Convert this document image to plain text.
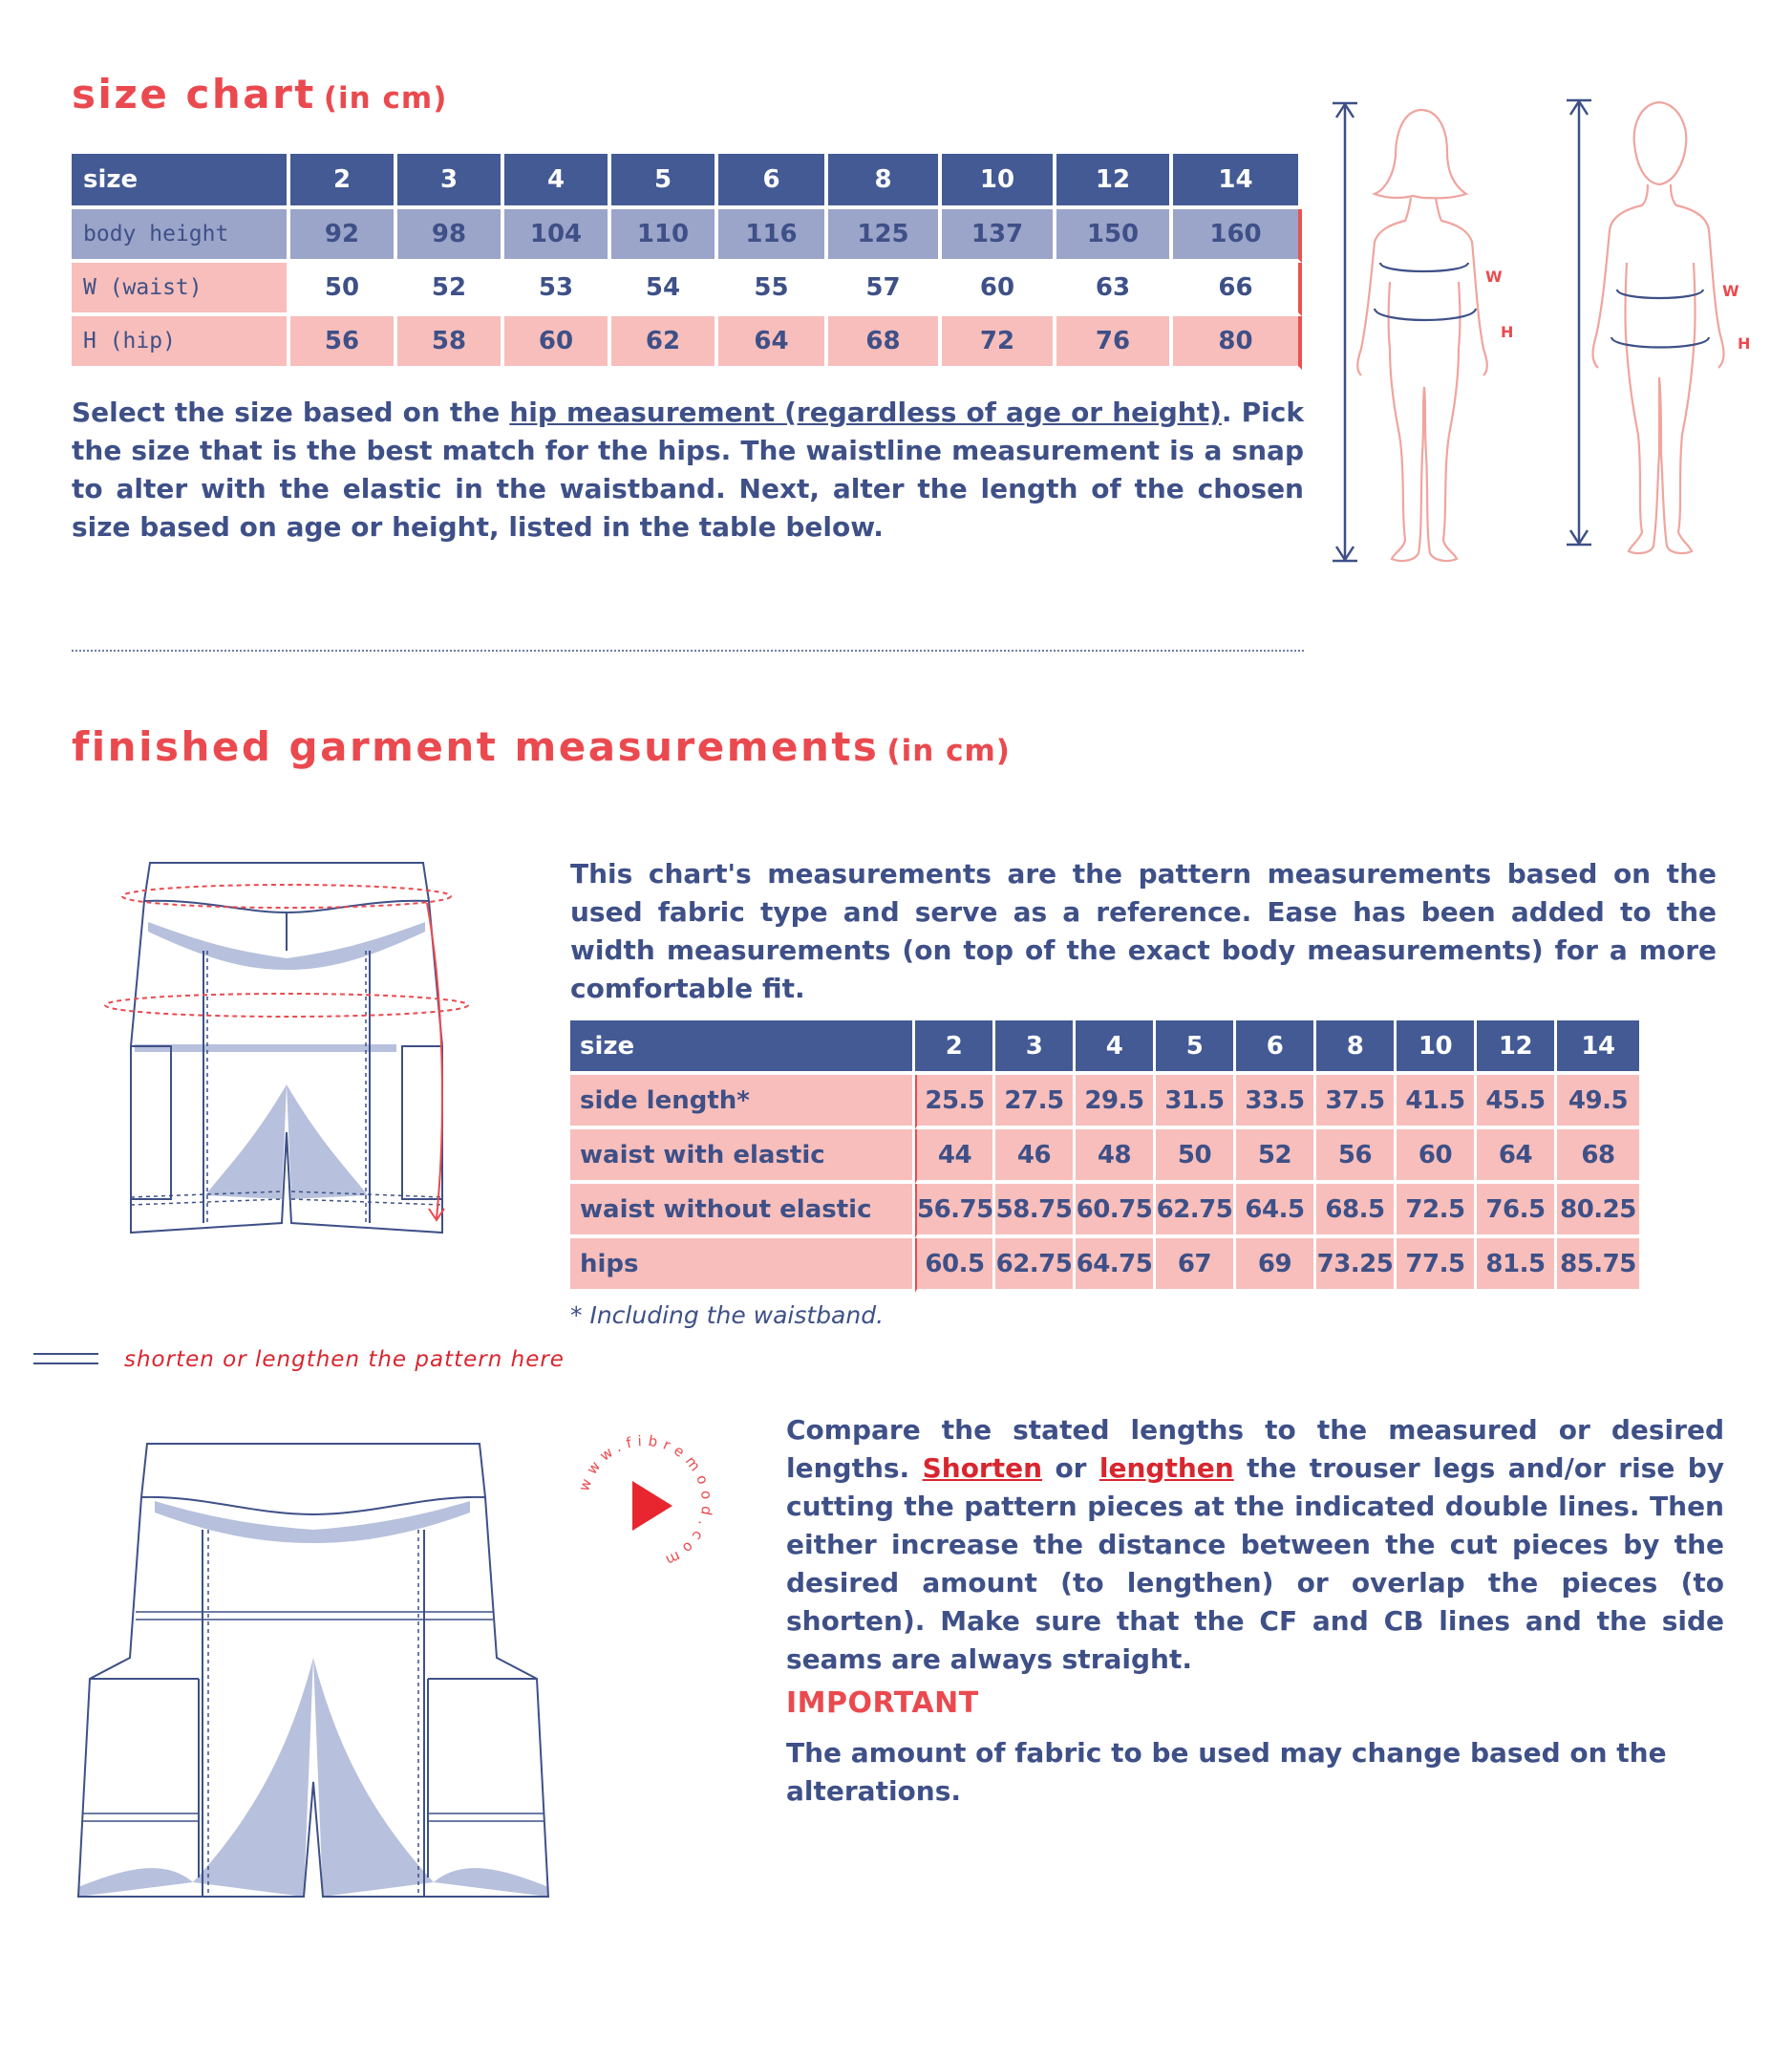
size chart (in cm)
size	2	3	4	5	6	8	10	12	14
body height	92	98	104	110	116	125	137	150	160
W (waist)	50	52	53	54	55	57	60	63	66
H (hip)	56	58	60	62	64	68	72	76	80

Select the size based on the hip measurement (regardless of age or height). Pick the size that is the best match for the hips. The waistline measurement is a snap to alter with the elastic in the waistband. Next, alter the length of the chosen size based on age or height, listed in the table below.

W
H
W
H
finished garment measurements (in cm)

This chart's measurements are the pattern measurements based on the used fabric type and serve as a reference. Ease has been added to the width measurements (on top of the exact body measurements) for a more comfortable fit.

size	2	3	4	5	6	8	10	12	14
side length*	25.5	27.5	29.5	31.5	33.5	37.5	41.5	45.5	49.5
waist with elastic	44	46	48	50	52	56	60	64	68
waist without elastic	56.75	58.75	60.75	62.75	64.5	68.5	72.5	76.5	80.25
hips	60.5	62.75	64.75	67	69	73.25	77.5	81.5	85.75
* Including the waistband.
shorten or lengthen the pattern here
www.fibremood.com

Compare the stated lengths to the measured or desired lengths. Shorten or lengthen the trouser legs and/or rise by cutting the pattern pieces at the indicated double lines. Then either increase the distance between the cut pieces by the desired amount (to lengthen) or overlap the pieces (to shorten). Make sure that the CF and CB lines and the side seams are always straight.

IMPORTANT

The amount of fabric to be used may change based on the alterations.
